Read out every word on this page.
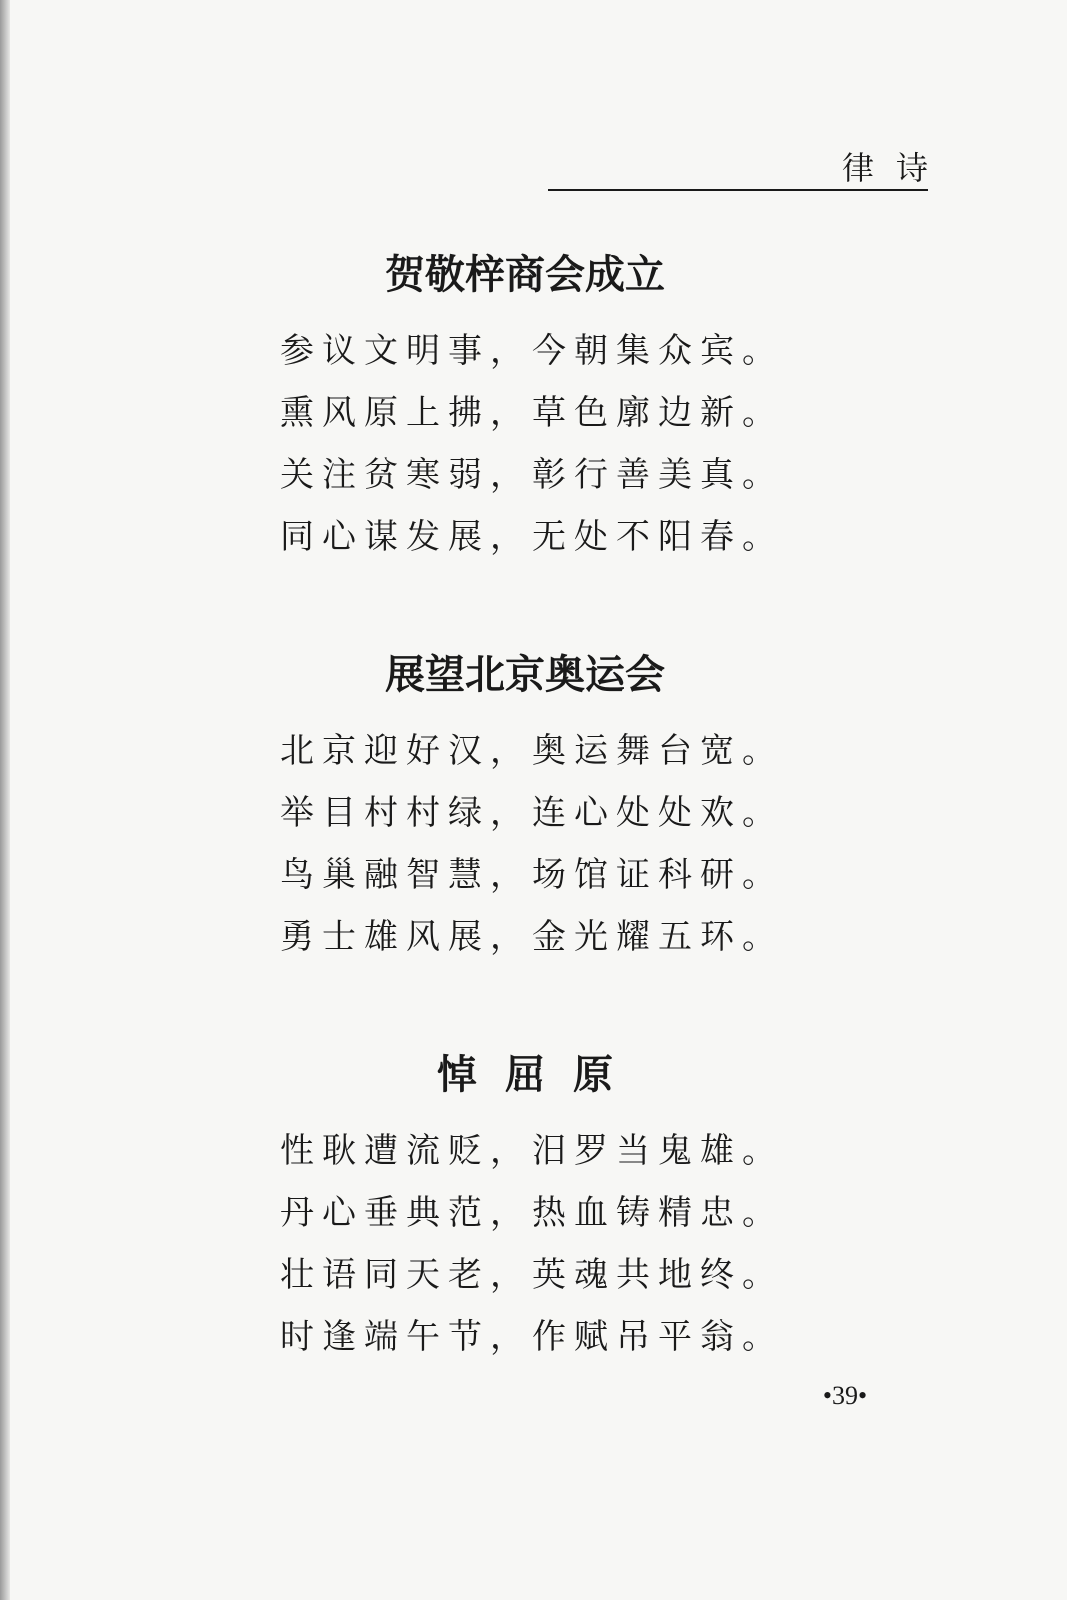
律诗
贺敬梓商会成立
参议文明事，今朝集众宾。
熏风原上拂，草色廓边新。
关注贫寒弱，彰行善美真。
同心谋发展，无处不阳春。
展望北京奥运会
北京迎好汉，奥运舞台宽。
举目村村绿，连心处处欢。
鸟巢融智慧，场馆证科研。
勇士雄风展，金光耀五环。
悼屈原
性耿遭流贬，汨罗当鬼雄。
丹心垂典范，热血铸精忠。
壮语同天老，英魂共地终。
时逢端午节，作赋吊平翁。
•39•
